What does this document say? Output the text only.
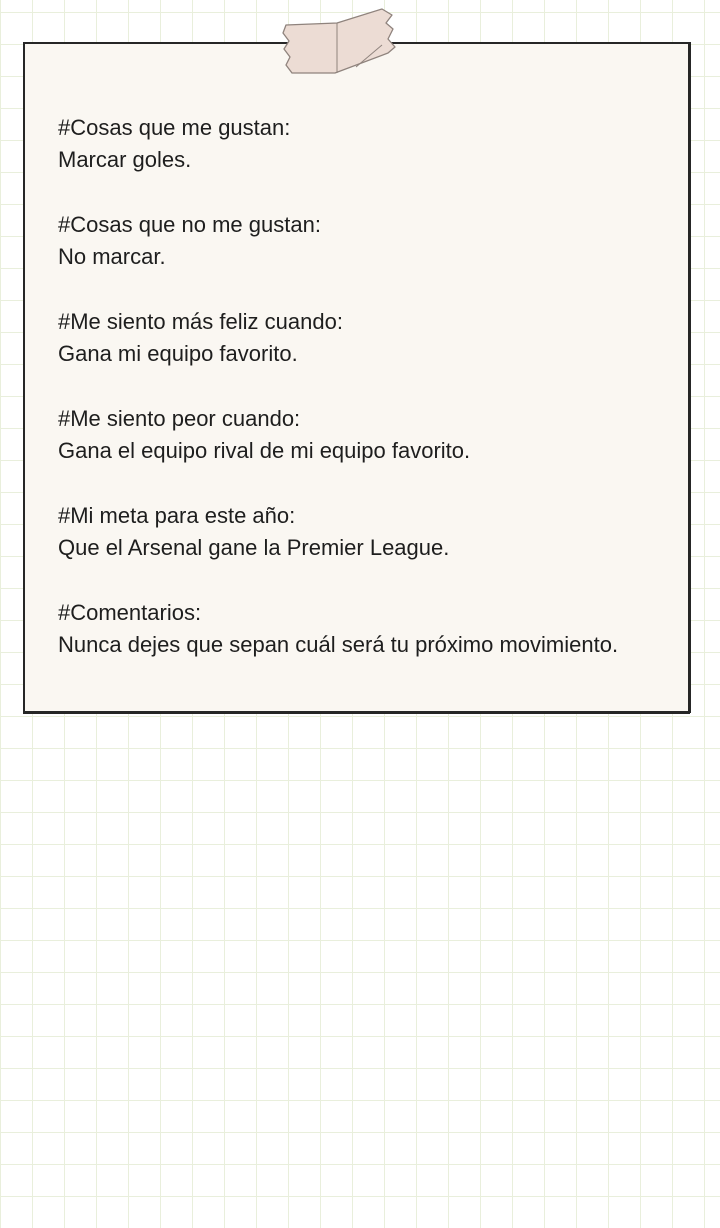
#Cosas que me gustan:
Marcar goles.
#Cosas que no me gustan:
No marcar.
#Me siento más feliz cuando:
Gana mi equipo favorito.
#Me siento peor cuando:
Gana el equipo rival de mi equipo favorito.
#Mi meta para este año:
Que el Arsenal gane la Premier League.
#Comentarios:
Nunca dejes que sepan cuál será tu próximo movimiento.
